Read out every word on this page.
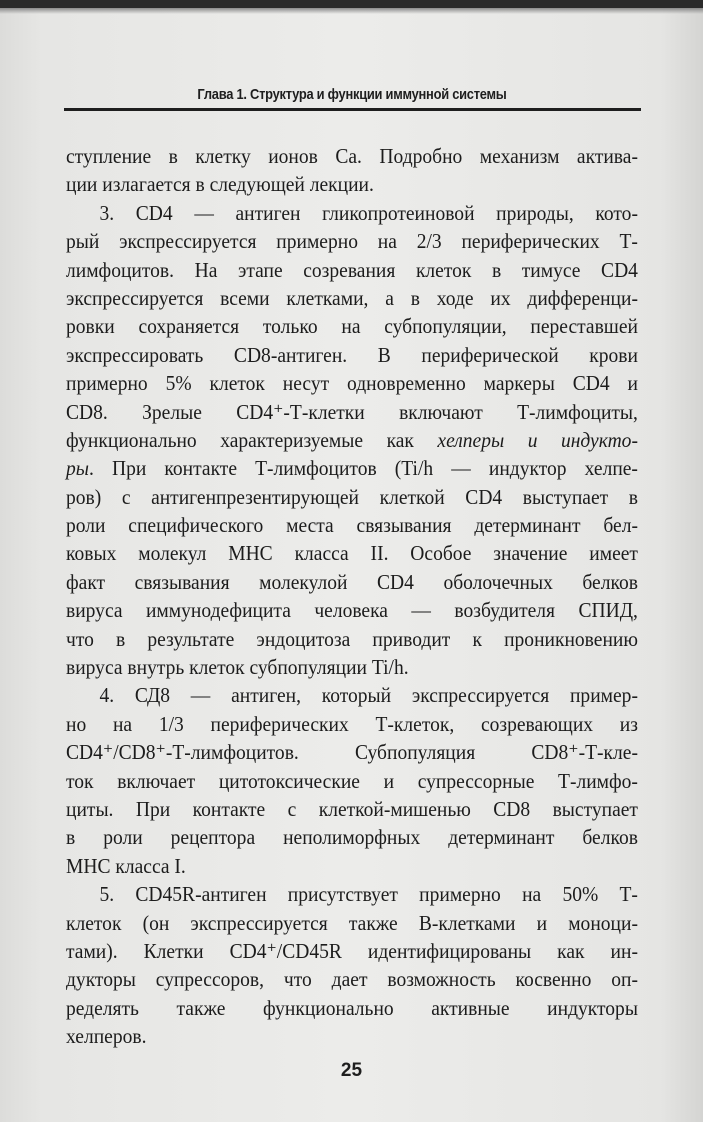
Глава 1. Структура и функции иммунной системы
ступление в клетку ионов Ca. Подробно механизм актива-
ции излагается в следующей лекции.
3. CD4 — антиген гликопротеиновой природы, кото-
рый экспрессируется примерно на 2/3 периферических Т-
лимфоцитов. На этапе созревания клеток в тимусе CD4
экспрессируется всеми клетками, а в ходе их дифференци-
ровки сохраняется только на субпопуляции, переставшей
экспрессировать CD8-антиген. В периферической крови
примерно 5% клеток несут одновременно маркеры CD4 и
CD8. Зрелые CD4⁺-Т-клетки включают Т-лимфоциты,
функционально характеризуемые как хелперы и индукто-
ры. При контакте Т-лимфоцитов (Ti/h — индуктор хелпе-
ров) с антигенпрезентирующей клеткой CD4 выступает в
роли специфического места связывания детерминант бел-
ковых молекул МНС класса II. Особое значение имеет
факт связывания молекулой CD4 оболочечных белков
вируса иммунодефицита человека — возбудителя СПИД,
что в результате эндоцитоза приводит к проникновению
вируса внутрь клеток субпопуляции Ti/h.
4. СД8 — антиген, который экспрессируется пример-
но на 1/3 периферических Т-клеток, созревающих из
CD4⁺/CD8⁺-Т-лимфоцитов. Субпопуляция CD8⁺-Т-кле-
ток включает цитотоксические и супрессорные Т-лимфо-
циты. При контакте с клеткой-мишенью CD8 выступает
в роли рецептора неполиморфных детерминант белков
МНС класса I.
5. CD45R-антиген присутствует примерно на 50% Т-
клеток (он экспрессируется также В-клетками и моноци-
тами). Клетки CD4⁺/CD45R идентифицированы как ин-
дукторы супрессоров, что дает возможность косвенно оп-
ределять также функционально активные индукторы
хелперов.
25
